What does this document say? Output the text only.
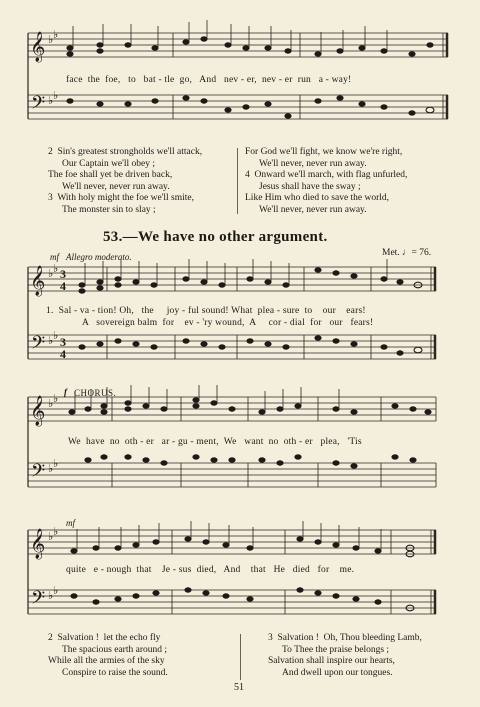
𝄞
𝄢
♭ ♭
♭ ♭
face  the  foe,   to   bat - tle  go,   And   nev - er,  nev - er  run   a - way!
2  Sin's greatest strongholds we'll attack,
Our Captain we'll obey ;
The foe shall yet be driven back,
We'll never, never run away.
3  With holy might the foe we'll smite,
The monster sin to slay ;
For God we'll fight, we know we're right,
We'll never, never run away.
4  Onward we'll march, with flag unfurled,
Jesus shall have the sway ;
Like Him who died to save the world,
We'll never, never run away.
53.—We have no other argument.
mf Allegro moderato.	Met. ♩= 76.
𝄞
𝄢
♭ ♭
♭ ♭
3
4
3
4
1.  Sal - va - tion! Oh,   the     joy - ful sound! What  plea - sure  to    our    ears!
A   sovereign balm  for    ev - 'ry wound,  A     cor - dial  for   our   fears!
f CHORUS.
𝄞
𝄢
♭ ♭
♭ ♭
We  have  no  oth - er   ar - gu - ment,  We   want  no  oth - er   plea,   'Tis
mf
𝄞
𝄢
♭ ♭
♭ ♭
quite   e - nough  that    Je - sus  died,   And    that   He   died   for    me.
2  Salvation !  let the echo fly
The spacious earth around ;
While all the armies of the sky
Conspire to raise the sound.
3  Salvation !  Oh, Thou bleeding Lamb,
To Thee the praise belongs ;
Salvation shall inspire our hearts,
And dwell upon our tongues.
51
